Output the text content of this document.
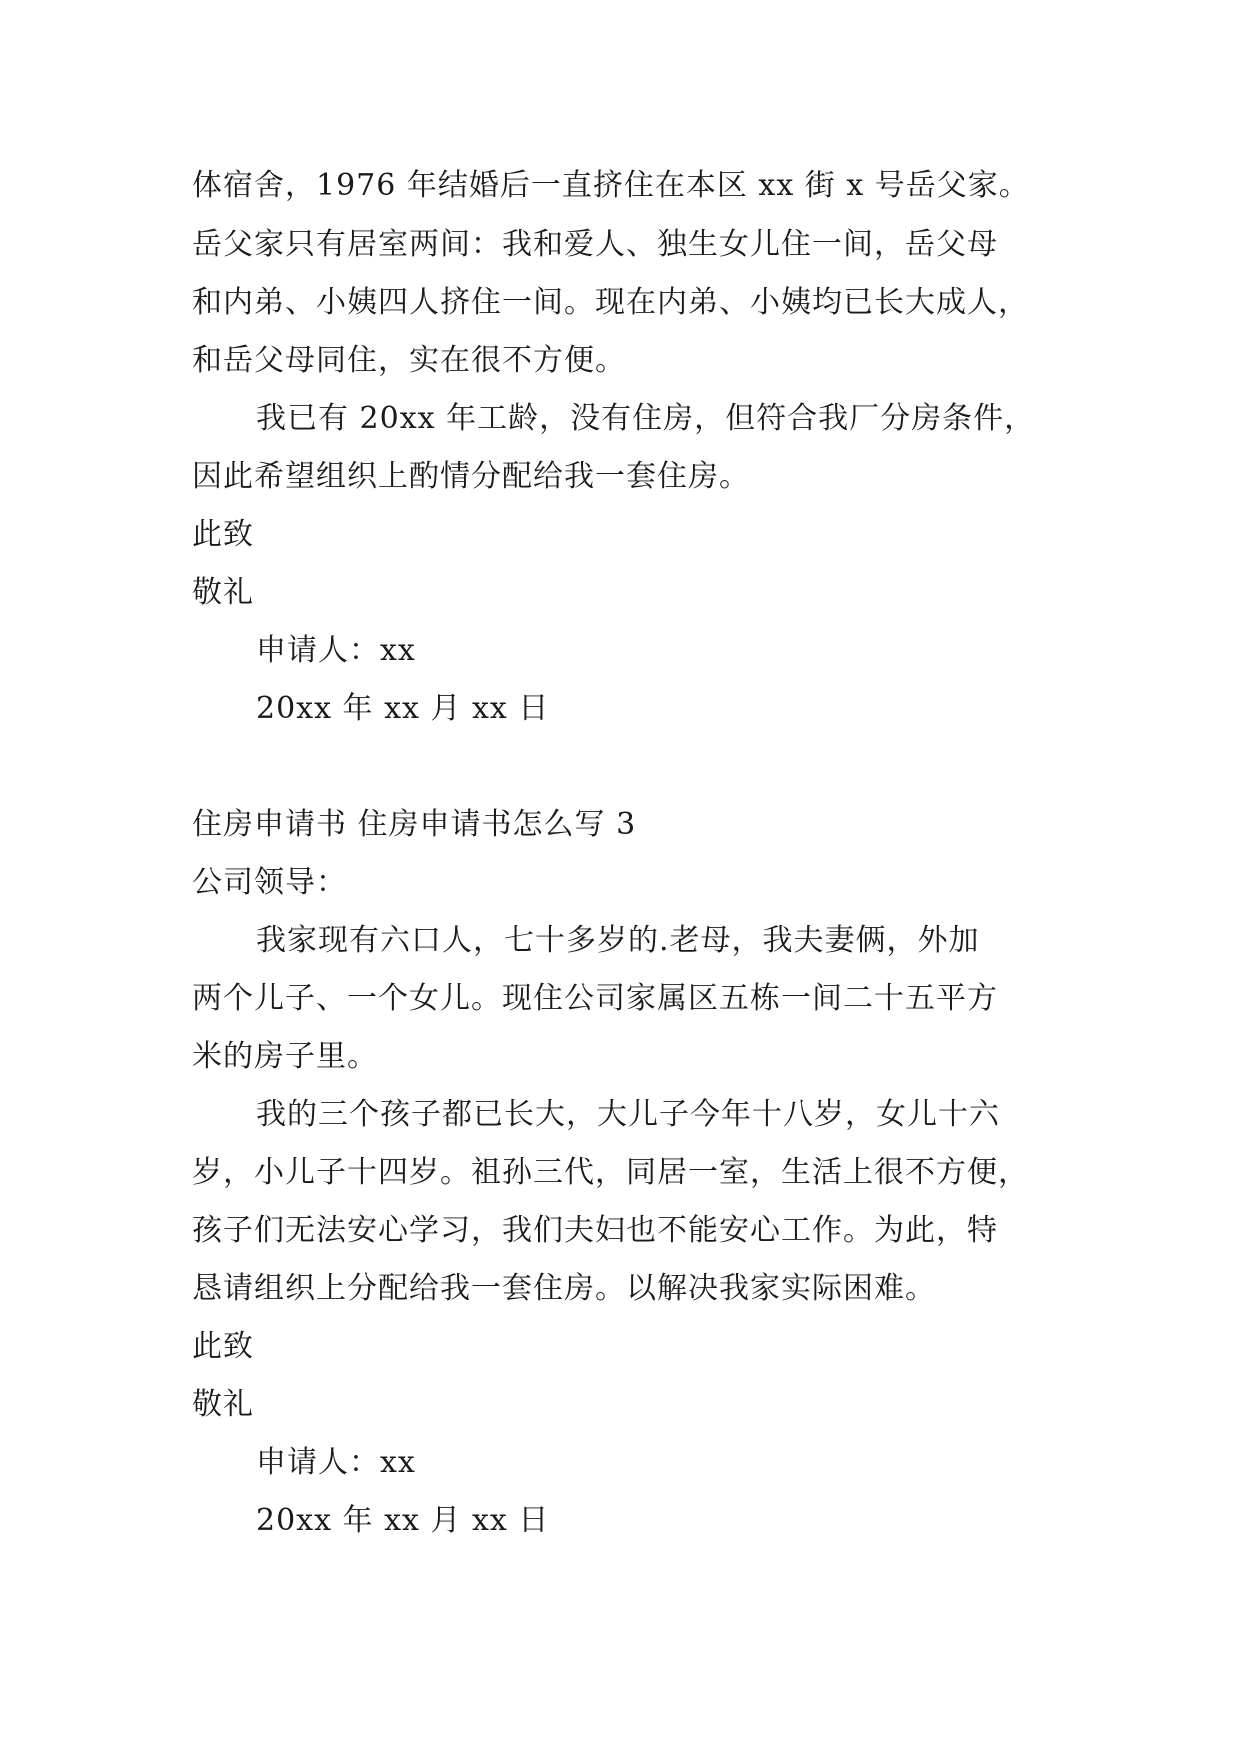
体宿舍，1976 年结婚后一直挤住在本区 xx 街 x 号岳父家。
岳父家只有居室两间：我和爱人、独生女儿住一间，岳父母
和内弟、小姨四人挤住一间。现在内弟、小姨均已长大成人，
和岳父母同住，实在很不方便。
我已有 20xx 年工龄，没有住房，但符合我厂分房条件，
因此希望组织上酌情分配给我一套住房。
此致
敬礼
申请人：xx
20xx 年 xx 月 xx 日
住房申请书 住房申请书怎么写 3
公司领导：
我家现有六口人，七十多岁的.老母，我夫妻俩，外加
两个儿子、一个女儿。现住公司家属区五栋一间二十五平方
米的房子里。
我的三个孩子都已长大，大儿子今年十八岁，女儿十六
岁，小儿子十四岁。祖孙三代，同居一室，生活上很不方便，
孩子们无法安心学习，我们夫妇也不能安心工作。为此，特
恳请组织上分配给我一套住房。以解决我家实际困难。
此致
敬礼
申请人：xx
20xx 年 xx 月 xx 日
